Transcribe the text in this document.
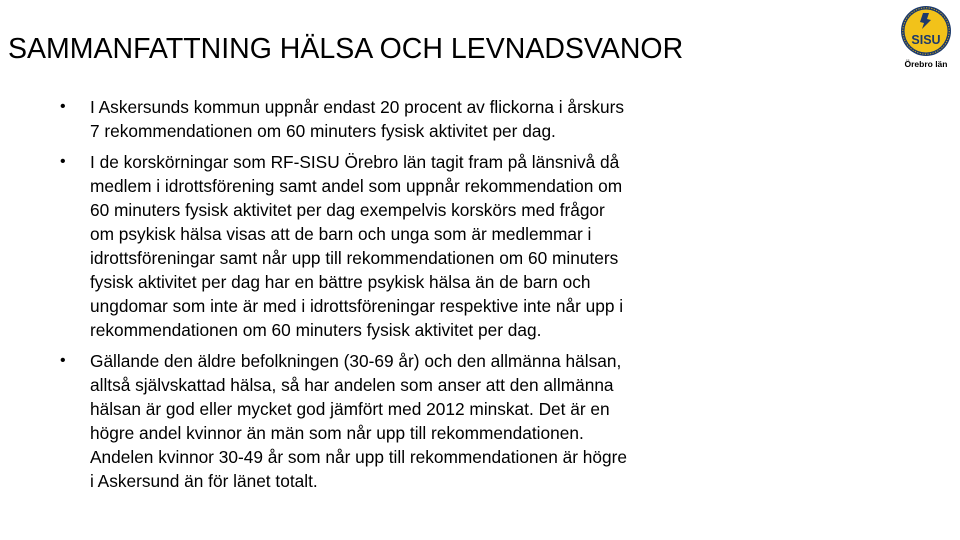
SAMMANFATTNING HÄLSA OCH LEVNADSVANOR	SISU
Örebro län
•	I Askersunds kommun uppnår endast 20 procent av flickorna i årskurs
7 rekommendationen om 60 minuters fysisk aktivitet per dag.
•	I de korskörningar som RF-SISU Örebro län tagit fram på länsnivå då
medlem i idrottsförening samt andel som uppnår rekommendation om
60 minuters fysisk aktivitet per dag exempelvis korskörs med frågor
om psykisk hälsa visas att de barn och unga som är medlemmar i
idrottsföreningar samt når upp till rekommendationen om 60 minuters
fysisk aktivitet per dag har en bättre psykisk hälsa än de barn och
ungdomar som inte är med i idrottsföreningar respektive inte når upp i
rekommendationen om 60 minuters fysisk aktivitet per dag.
•	Gällande den äldre befolkningen (30-69 år) och den allmänna hälsan,
alltså självskattad hälsa, så har andelen som anser att den allmänna
hälsan är god eller mycket god jämfört med 2012 minskat. Det är en
högre andel kvinnor än män som når upp till rekommendationen.
Andelen kvinnor 30-49 år som når upp till rekommendationen är högre
i Askersund än för länet totalt.
